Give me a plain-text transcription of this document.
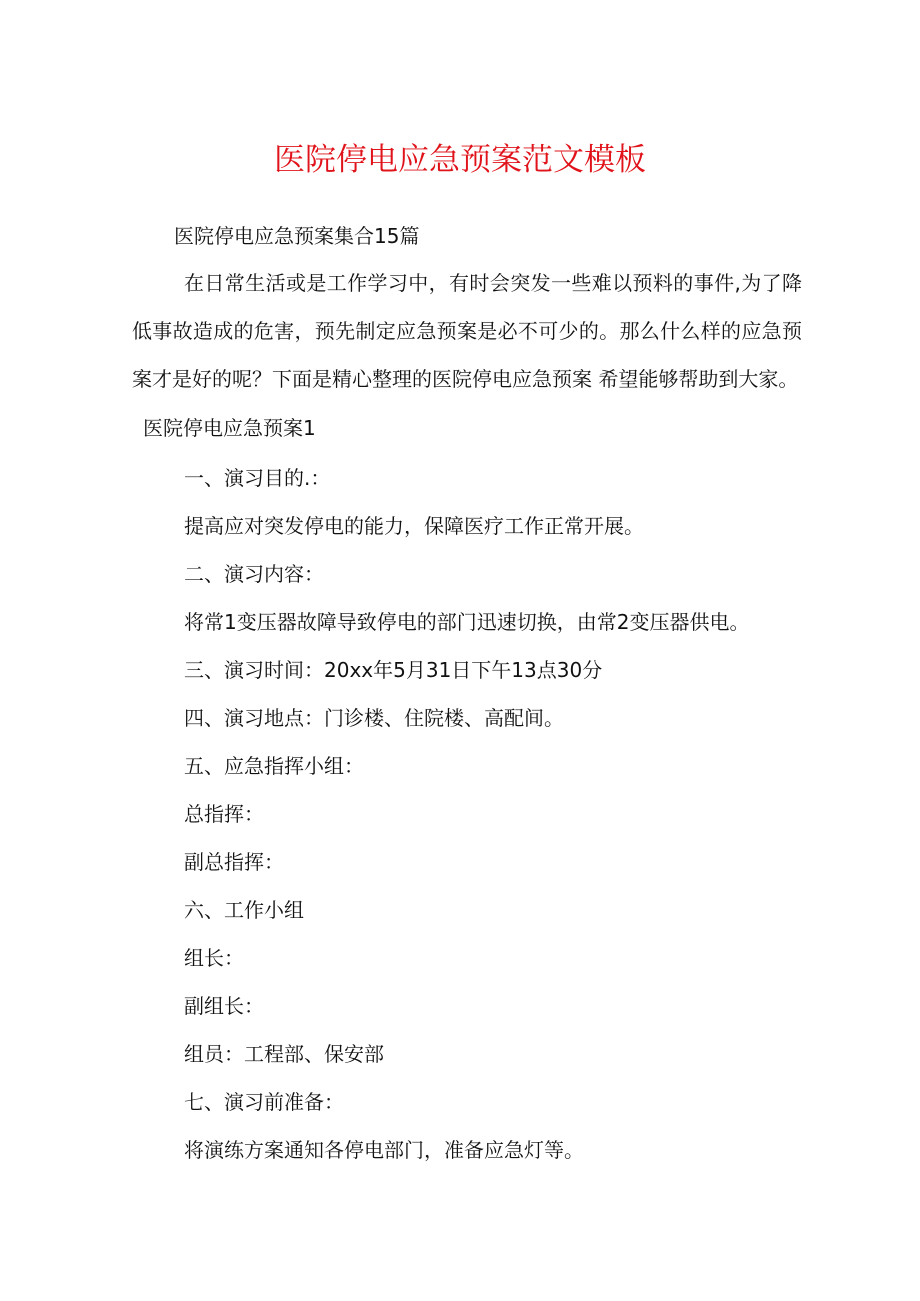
医院停电应急预案范文模板
医院停电应急预案集合15篇
在日常生活或是工作学习中，有时会突发一些难以预料的事件,为了降低事故造成的危害，预先制定应急预案是必不可少的。那么什么样的应急预案才是好的呢？下面是精心整理的医院停电应急预案 希望能够帮助到大家。
医院停电应急预案1
一、演习目的.：
提高应对突发停电的能力，保障医疗工作正常开展。
二、演习内容：
将常1变压器故障导致停电的部门迅速切换，由常2变压器供电。
三、演习时间：20xx年5月31日下午13点30分
四、演习地点：门诊楼、住院楼、高配间。
五、应急指挥小组：
总指挥：
副总指挥：
六、工作小组
组长：
副组长：
组员：工程部、保安部
七、演习前准备：
将演练方案通知各停电部门，准备应急灯等。
